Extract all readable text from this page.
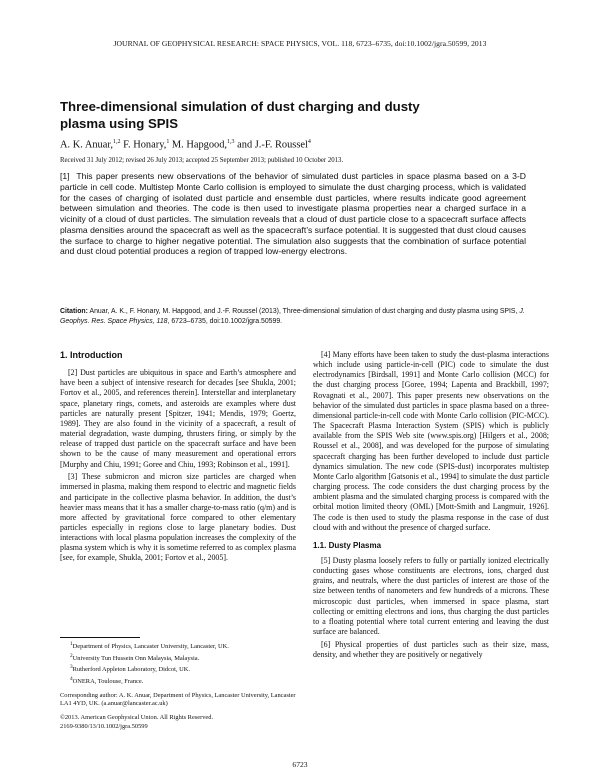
JOURNAL OF GEOPHYSICAL RESEARCH: SPACE PHYSICS, VOL. 118, 6723–6735, doi:10.1002/jgra.50599, 2013
Three-dimensional simulation of dust charging and dusty plasma using SPIS
A. K. Anuar,$^{1,2}$ F. Honary,$^1$ M. Hapgood,$^{1,3}$ and J.-F. Roussel$^4$
Received 31 July 2012; revised 26 July 2013; accepted 25 September 2013; published 10 October 2013.
[1] This paper presents new observations of the behavior of simulated dust particles in space plasma based on a 3-D particle in cell code. Multistep Monte Carlo collision is employed to simulate the dust charging process, which is validated for the cases of charging of isolated dust particle and ensemble dust particles, where results indicate good agreement between simulation and theories. The code is then used to investigate plasma properties near a charged surface in a vicinity of a cloud of dust particles. The simulation reveals that a cloud of dust particle close to a spacecraft surface affects plasma densities around the spacecraft as well as the spacecraft’s surface potential. It is suggested that dust cloud causes the surface to charge to higher negative potential. The simulation also suggests that the combination of surface potential and dust cloud potential produces a region of trapped low-energy electrons.
Citation: Anuar, A. K., F. Honary, M. Hapgood, and J.-F. Roussel (2013), Three-dimensional simulation of dust charging and dusty plasma using SPIS, J. Geophys. Res. Space Physics, 118, 6723–6735, doi:10.1002/jgra.50599.
1. Introduction

[2] Dust particles are ubiquitous in space and Earth’s atmosphere and have been a subject of intensive research for decades [see Shukla, 2001; Fortov et al., 2005, and references therein]. Interstellar and interplanetary space, planetary rings, comets, and asteroids are examples where dust particles are naturally present [Spitzer, 1941; Mendis, 1979; Goertz, 1989]. They are also found in the vicinity of a spacecraft, a result of material degradation, waste dumping, thrusters firing, or simply by the release of trapped dust particle on the spacecraft surface and have been shown to be the cause of many measurement and operational errors [Murphy and Chiu, 1991; Goree and Chiu, 1993; Robinson et al., 1991].

[3] These submicron and micron size particles are charged when immersed in plasma, making them respond to electric and magnetic fields and participate in the collective plasma behavior. In addition, the dust’s heavier mass means that it has a smaller charge-to-mass ratio (q/m) and is more affected by gravitational force compared to other elementary particles especially in regions close to large planetary bodies. Dust interactions with local plasma population increases the complexity of the plasma system which is why it is sometime referred to as complex plasma [see, for example, Shukla, 2001; Fortov et al., 2005].

$^1$Department of Physics, Lancaster University, Lancaster, UK.
$^2$University Tun Hussein Onn Malaysia, Malaysia.
$^3$Rutherford Appleton Laboratory, Didcot, UK.
$^4$ONERA, Toulouse, France.
Corresponding author: A. K. Anuar, Department of Physics, Lancaster University, Lancaster LA1 4YD, UK. (a.anuar@lancaster.ac.uk)
©2013. American Geophysical Union. All Rights Reserved.
2169-9380/13/10.1002/jgra.50599

[4] Many efforts have been taken to study the dust-plasma interactions which include using particle-in-cell (PIC) code to simulate the dust electrodynamics [Birdsall, 1991] and Monte Carlo collision (MCC) for the dust charging process [Goree, 1994; Lapenta and Brackbill, 1997; Rovagnati et al., 2007]. This paper presents new observations on the behavior of the simulated dust particles in space plasma based on a three-dimensional particle-in-cell code with Monte Carlo collision (PIC-MCC). The Spacecraft Plasma Interaction System (SPIS) which is publicly available from the SPIS Web site (www.spis.org) [Hilgers et al., 2008; Roussel et al., 2008], and was developed for the purpose of simulating spacecraft charging has been further developed to include dust particle dynamics simulation. The new code (SPIS-dust) incorporates multistep Monte Carlo algorithm [Gatsonis et al., 1994] to simulate the dust particle charging process. The code considers the dust charging process by the ambient plasma and the simulated charging process is compared with the orbital motion limited theory (OML) [Mott-Smith and Langmuir, 1926]. The code is then used to study the plasma response in the case of dust cloud with and without the presence of charged surface.

1.1. Dusty Plasma

[5] Dusty plasma loosely refers to fully or partially ionized electrically conducting gases whose constituents are electrons, ions, charged dust grains, and neutrals, where the dust particles of interest are those of the size between tenths of nanometers and few hundreds of a microns. These microscopic dust particles, when immersed in space plasma, start collecting or emitting electrons and ions, thus charging the dust particles to a floating potential where total current entering and leaving the dust surface are balanced.

[6] Physical properties of dust particles such as their size, mass, density, and whether they are positively or negatively

6723
